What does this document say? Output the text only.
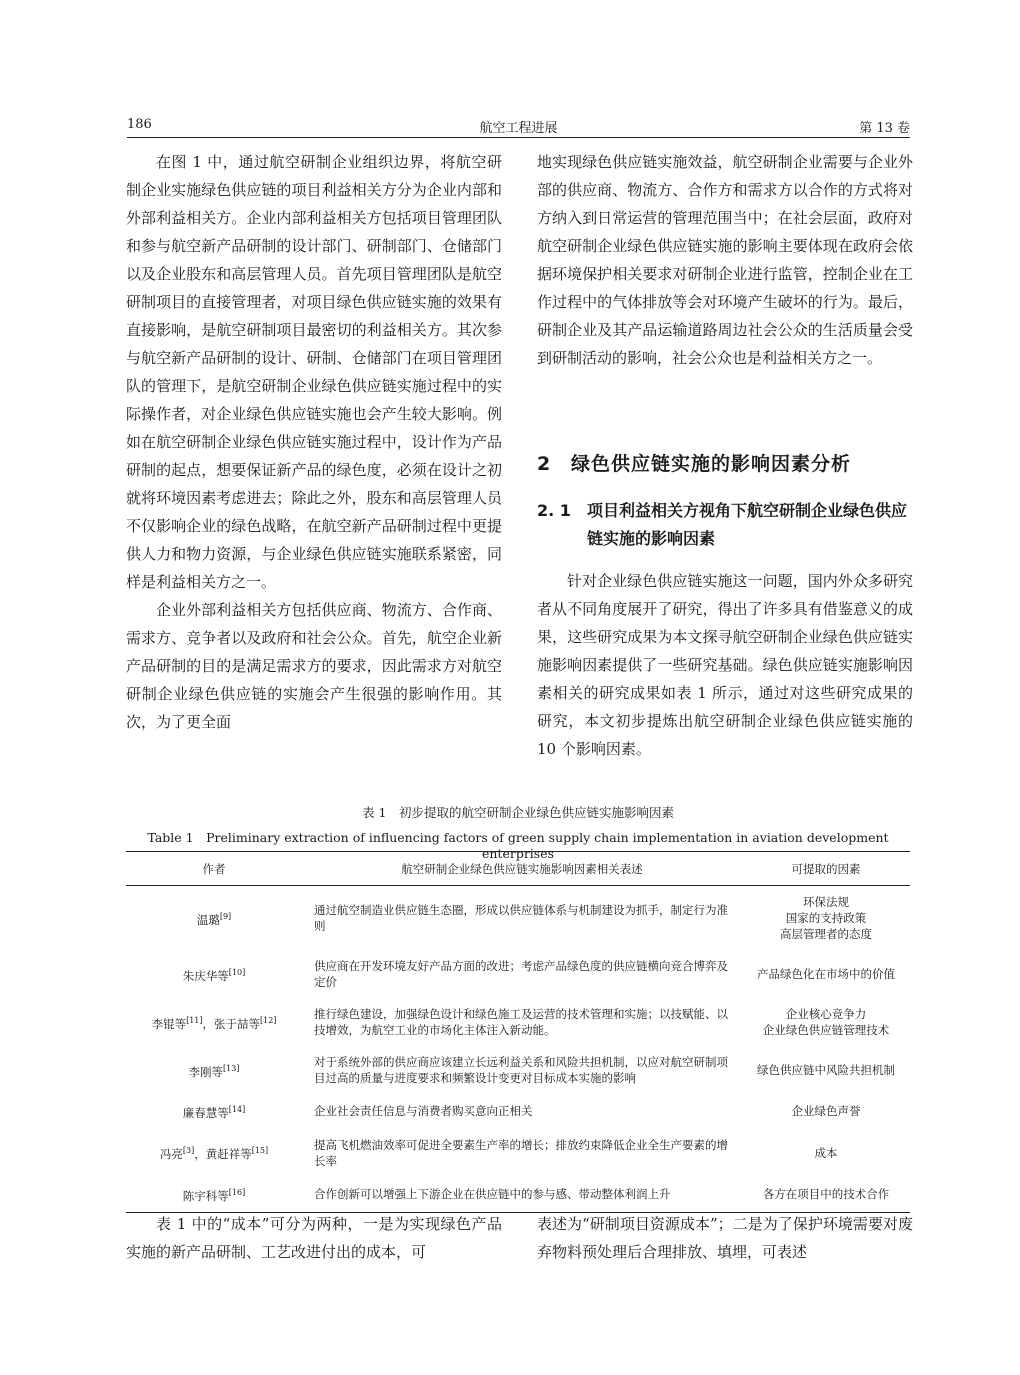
186	航空工程进展	第 13 卷

在图 1 中，通过航空研制企业组织边界，将航空研制企业实施绿色供应链的项目利益相关方分为企业内部和外部利益相关方。企业内部利益相关方包括项目管理团队和参与航空新产品研制的设计部门、研制部门、仓储部门以及企业股东和高层管理人员。首先项目管理团队是航空研制项目的直接管理者，对项目绿色供应链实施的效果有直接影响，是航空研制项目最密切的利益相关方。其次参与航空新产品研制的设计、研制、仓储部门在项目管理团队的管理下，是航空研制企业绿色供应链实施过程中的实际操作者，对企业绿色供应链实施也会产生较大影响。例如在航空研制企业绿色供应链实施过程中，设计作为产品研制的起点，想要保证新产品的绿色度，必须在设计之初就将环境因素考虑进去；除此之外，股东和高层管理人员不仅影响企业的绿色战略，在航空新产品研制过程中更提供人力和物力资源，与企业绿色供应链实施联系紧密，同样是利益相关方之一。

企业外部利益相关方包括供应商、物流方、合作商、需求方、竞争者以及政府和社会公众。首先，航空企业新产品研制的目的是满足需求方的要求，因此需求方对航空研制企业绿色供应链的实施会产生很强的影响作用。其次，为了更全面

地实现绿色供应链实施效益，航空研制企业需要与企业外部的供应商、物流方、合作方和需求方以合作的方式将对方纳入到日常运营的管理范围当中；在社会层面，政府对航空研制企业绿色供应链实施的影响主要体现在政府会依据环境保护相关要求对研制企业进行监管，控制企业在工作过程中的气体排放等会对环境产生破坏的行为。最后，研制企业及其产品运输道路周边社会公众的生活质量会受到研制活动的影响，社会公众也是利益相关方之一。

2 绿色供应链实施的影响因素分析
2. 1	项目利益相关方视角下航空研制企业绿色供应链实施的影响因素

针对企业绿色供应链实施这一问题，国内外众多研究者从不同角度展开了研究，得出了许多具有借鉴意义的成果，这些研究成果为本文探寻航空研制企业绿色供应链实施影响因素提供了一些研究基础。绿色供应链实施影响因素相关的研究成果如表 1 所示，通过对这些研究成果的研究，本文初步提炼出航空研制企业绿色供应链实施的 10 个影响因素。

表 1　初步提取的航空研制企业绿色供应链实施影响因素
Table 1　Preliminary extraction of influencing factors of green supply chain implementation in aviation development enterprises
作者	航空研制企业绿色供应链实施影响因素相关表述	可提取的因素
温璐[9]	通过航空制造业供应链生态圈，形成以供应链体系与机制建设为抓手，制定行为准则	环保法规
国家的支持政策
高层管理者的态度

朱庆华等[10]	供应商在开发环境友好产品方面的改进；考虑产品绿色度的供应链横向竞合博弈及定价	产品绿色化在市场中的价值

李锟等[11]，张于喆等[12]	推行绿色建设，加强绿色设计和绿色施工及运营的技术管理和实施；以技赋能、以技增效，为航空工业的市场化主体注入新动能。	企业核心竞争力
企业绿色供应链管理技术

李刚等[13]	对于系统外部的供应商应该建立长远利益关系和风险共担机制，以应对航空研制项目过高的质量与进度要求和频繁设计变更对目标成本实施的影响	绿色供应链中风险共担机制

廉春慧等[14]	企业社会责任信息与消费者购买意向正相关	企业绿色声誉

冯亮[3]，黄赶祥等[15]	提高飞机燃油效率可促进全要素生产率的增长；排放约束降低企业全生产要素的增长率	成本

陈宇科等[16]	合作创新可以增强上下游企业在供应链中的参与感、带动整体利润上升	各方在项目中的技术合作

表 1 中的“成本”可分为两种，一是为实现绿色产品实施的新产品研制、工艺改进付出的成本，可

表述为“研制项目资源成本”；二是为了保护环境需要对废弃物料预处理后合理排放、填埋，可表述
